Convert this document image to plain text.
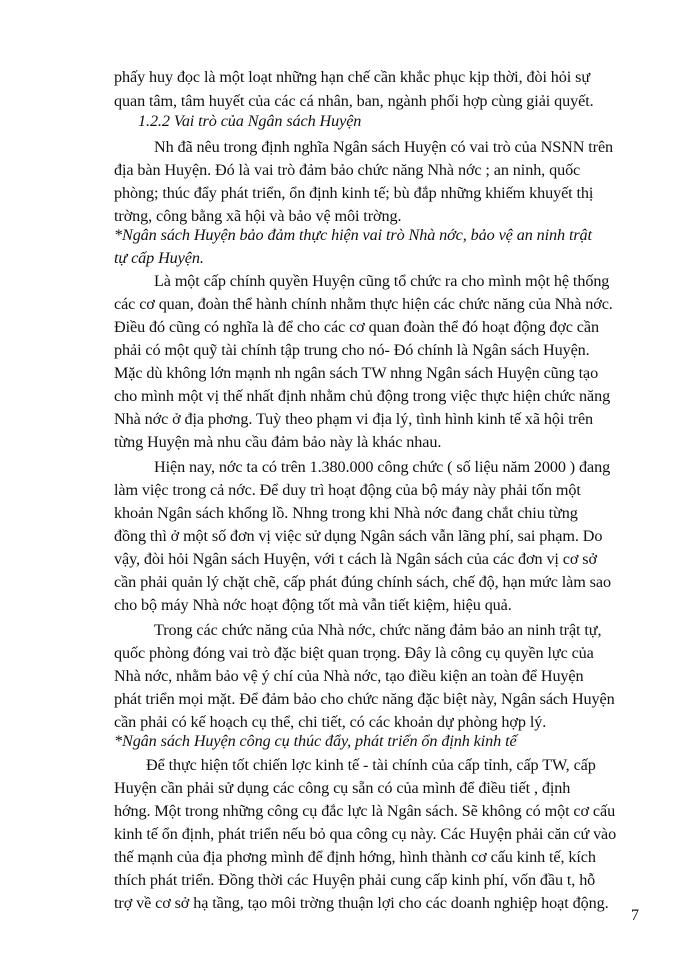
phấy huy đọc là một loạt những hạn chế cần khắc phục kịp thời, đòi hỏi sự
quan tâm, tâm huyết của các cá nhân, ban, ngành phối hợp cùng giải quyết.
1.2.2 Vai trò của Ngân sách Huyện
Nh đã nêu trong định nghĩa Ngân sách Huyện có vai trò của NSNN trên
địa bàn Huyện. Đó là vai trò đảm bảo chức năng Nhà nớc ; an ninh, quốc
phòng; thúc đẩy phát triển, ổn định kinh tế; bù đắp những khiếm khuyết thị
trờng, công bằng xã hội và bảo vệ môi trờng.
*Ngân sách Huyện bảo đảm thực hiện vai trò Nhà nớc, bảo vệ an ninh trật
tự cấp Huyện.
Là một cấp chính quyền Huyện cũng tổ chức ra cho mình một hệ thống
các cơ quan, đoàn thể hành chính nhằm thực hiện các chức năng của Nhà nớc.
Điều đó cũng có nghĩa là để cho các cơ quan đoàn thể đó hoạt động đợc cần
phải có một quỹ tài chính tập trung cho nó- Đó chính là Ngân sách Huyện.
Mặc dù không lớn mạnh nh ngân sách TW nhng Ngân sách Huyện cũng tạo
cho mình một vị thế nhất định nhằm chủ động trong việc thực hiện chức năng
Nhà nớc ở địa phơng. Tuỳ theo phạm vi địa lý, tình hình kinh tế xã hội trên
từng Huyện mà nhu cầu đảm bảo này là khác nhau.
Hiện nay, nớc ta có trên 1.380.000 công chức ( số liệu năm 2000 ) đang
làm việc trong cả nớc. Để duy trì hoạt động của bộ máy này phải tốn một
khoản Ngân sách khổng lồ. Nhng trong khi Nhà nớc đang chắt chiu từng
đồng thì ở một số đơn vị việc sử dụng Ngân sách vẫn lãng phí, sai phạm. Do
vậy, đòi hỏi Ngân sách Huyện, với t cách là Ngân sách của các đơn vị cơ sở
cần phải quản lý chặt chẽ, cấp phát đúng chính sách, chế độ, hạn mức làm sao
cho bộ máy Nhà nớc hoạt động tốt mà vẫn tiết kiệm, hiệu quả.
Trong các chức năng của Nhà nớc, chức năng đảm bảo an ninh trật tự,
quốc phòng đóng vai trò đặc biệt quan trọng. Đây là công cụ quyền lực của
Nhà nớc, nhằm bảo vệ ý chí của Nhà nớc, tạo điều kiện an toàn để Huyện
phát triển mọi mặt. Để đảm bảo cho chức năng đặc biệt này, Ngân sách Huyện
cần phải có kế hoạch cụ thể, chi tiết, có các khoản dự phòng hợp lý.
*Ngân sách Huyện công cụ thúc đẩy, phát triển ổn định kinh tế
Để thực hiện tốt chiến lợc kinh tế - tài chính của cấp tỉnh, cấp TW, cấp
Huyện cần phải sử dụng các công cụ sẵn có của mình để điều tiết , định
hớng. Một trong những công cụ đắc lực là Ngân sách. Sẽ không có một cơ cấu
kinh tế ổn định, phát triển nếu bỏ qua công cụ này. Các Huyện phải căn cứ vào
thế mạnh của địa phơng mình để định hớng, hình thành cơ cấu kinh tế, kích
thích phát triển. Đồng thời các Huyện phải cung cấp kinh phí, vốn đầu t, hỗ
trợ về cơ sở hạ tầng, tạo môi trờng thuận lợi cho các doanh nghiệp hoạt động.
7
